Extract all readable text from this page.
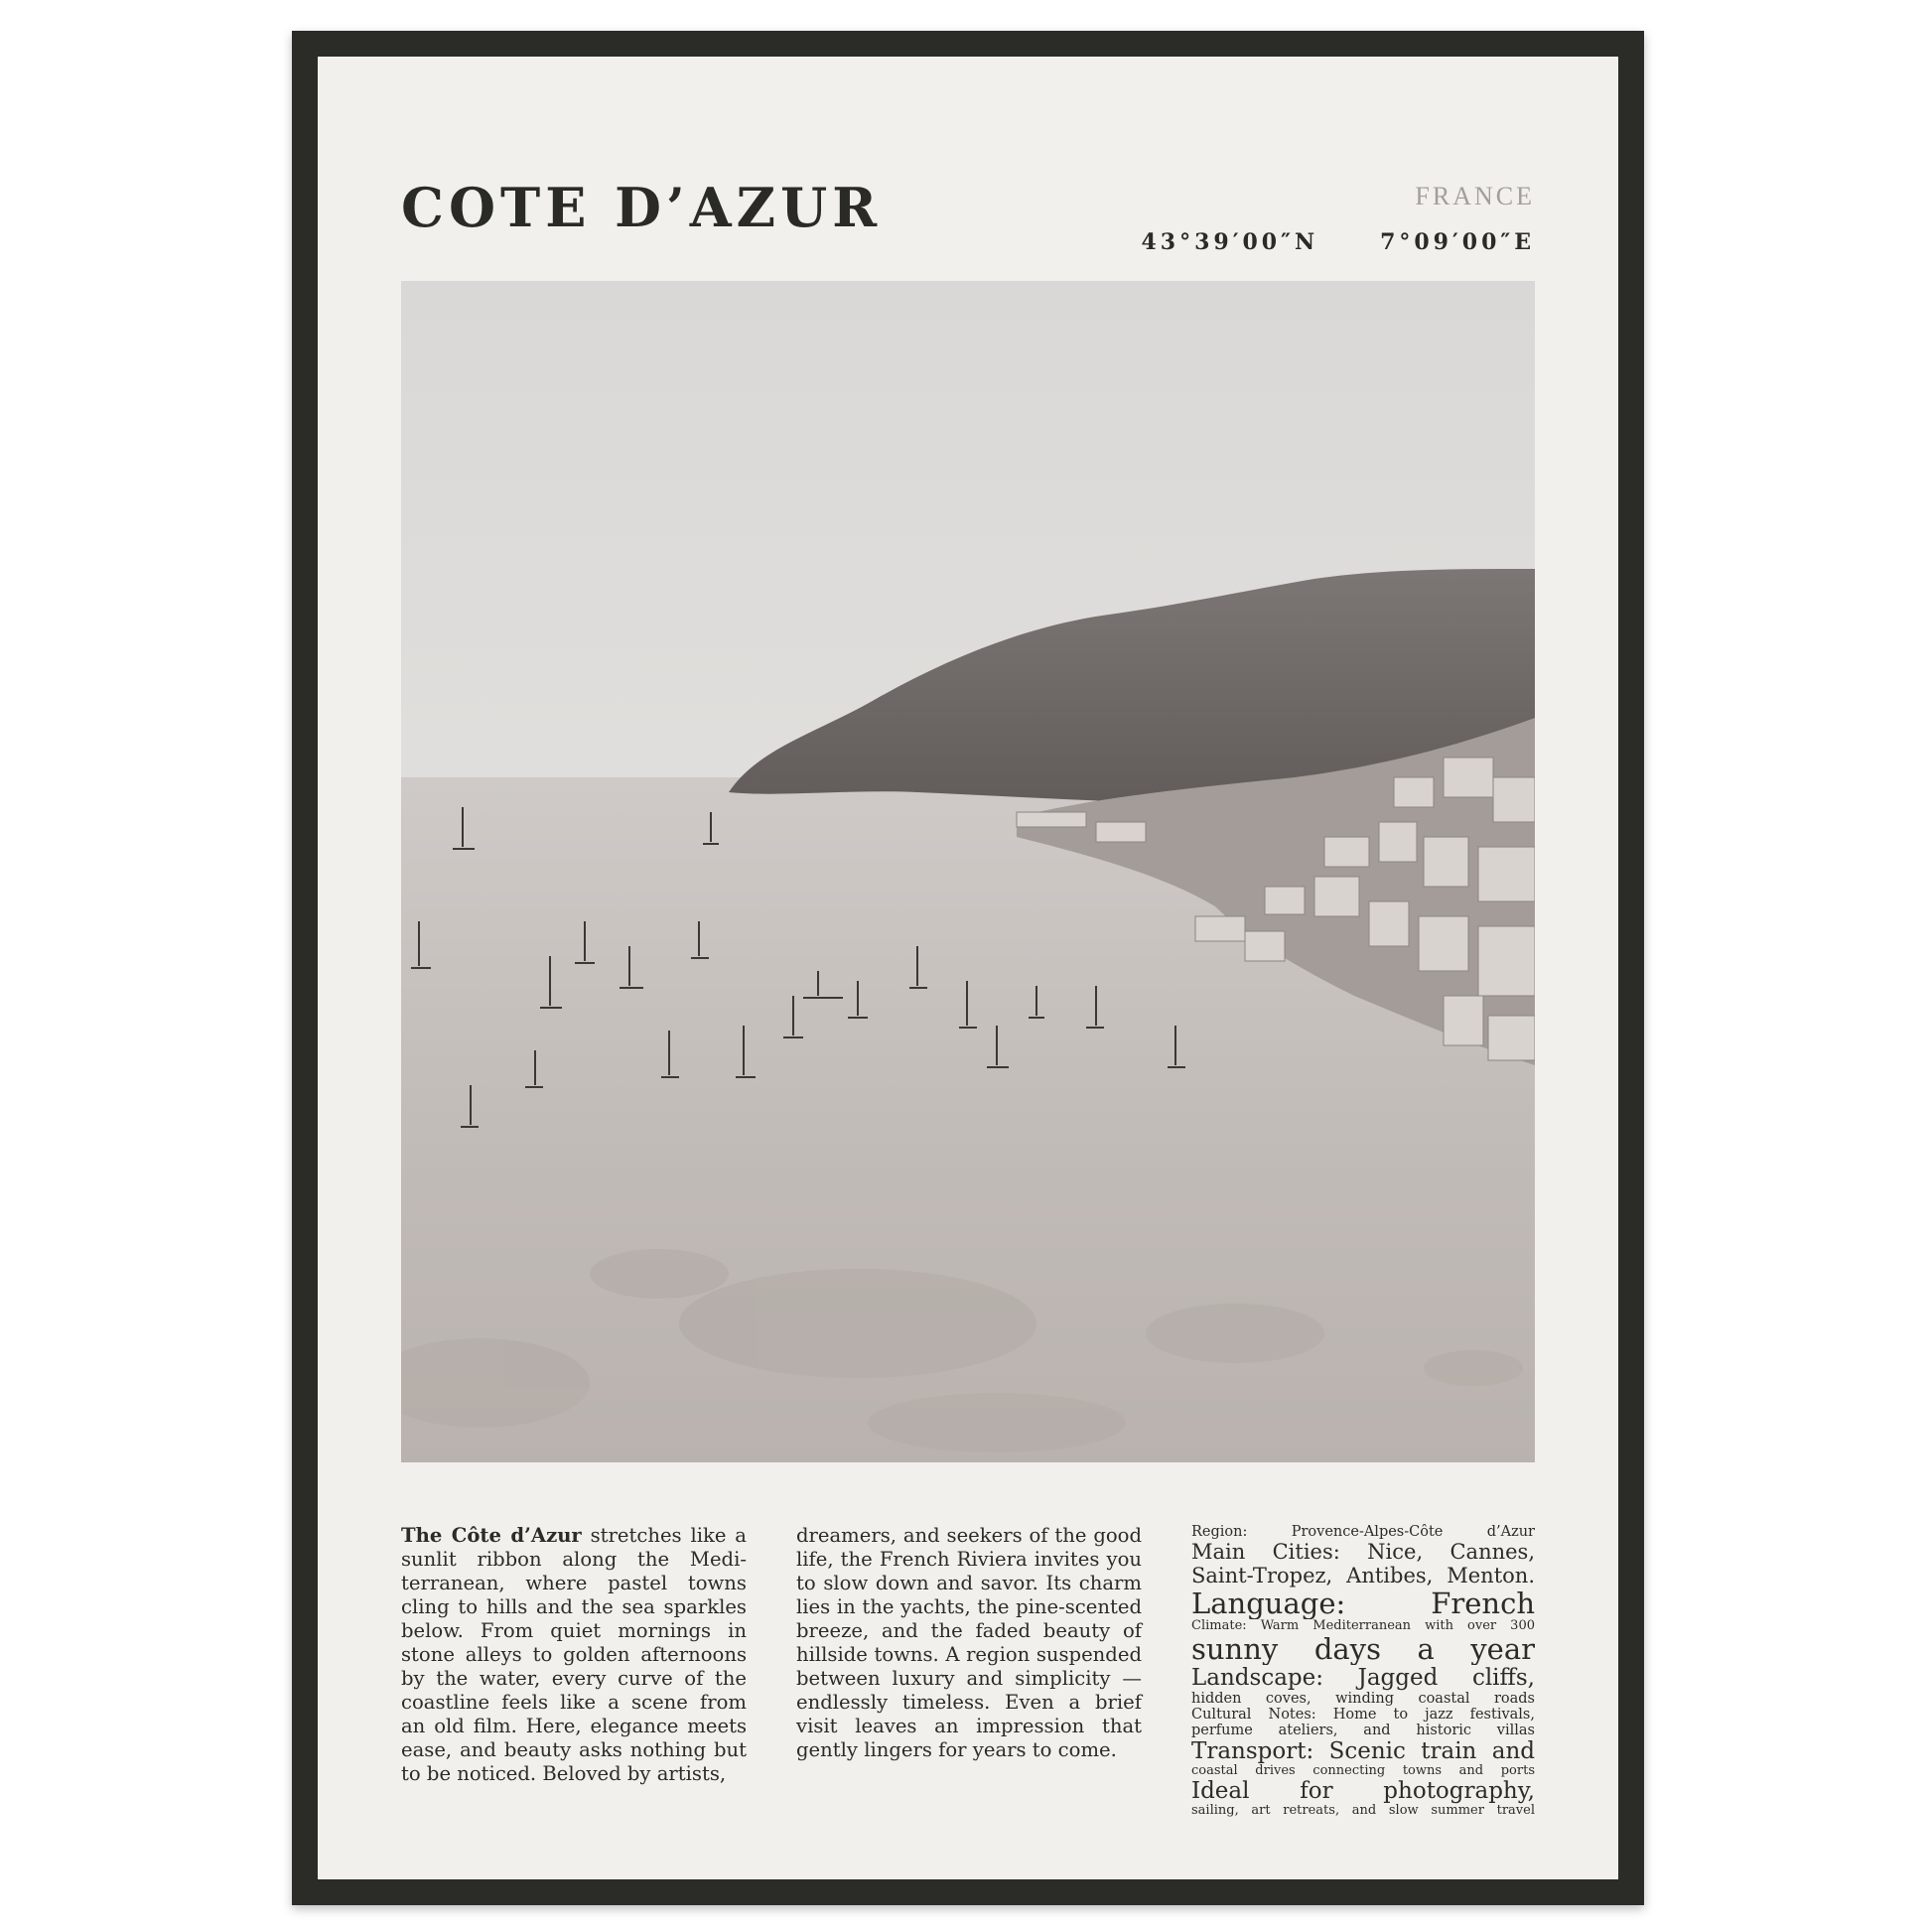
COTE D’AZUR	FRANCE
43°39′00″N	7°09′00″E
The Côte d’Azur stretches like a sunlit ribbon along the Mediterranean, where pastel towns cling to hills and the sea sparkles below. From quiet mornings in stone alleys to golden afternoons by the water, every curve of the coastline feels like a scene from an old film. Here, elegance meets ease, and beauty asks nothing but to be noticed. Beloved by artists,
dreamers, and seekers of the good life, the French Riviera invites you to slow down and savor. Its charm lies in the yachts, the pine-scented breeze, and the faded beauty of hillside towns. A region suspended between luxury and simplicity — endlessly timeless. Even a brief visit leaves an impression that gently lingers for years to come.
Region: Provence-Alpes-Côte d’Azur
Main Cities: Nice, Cannes,
Saint-Tropez, Antibes, Menton.
Language: French
Climate: Warm Mediterranean with over 300
sunny days a year
Landscape: Jagged cliffs,
hidden coves, winding coastal roads
Cultural Notes: Home to jazz festivals,
perfume ateliers, and historic villas
Transport: Scenic train and
coastal drives connecting towns and ports
Ideal for photography,
sailing, art retreats, and slow summer travel
